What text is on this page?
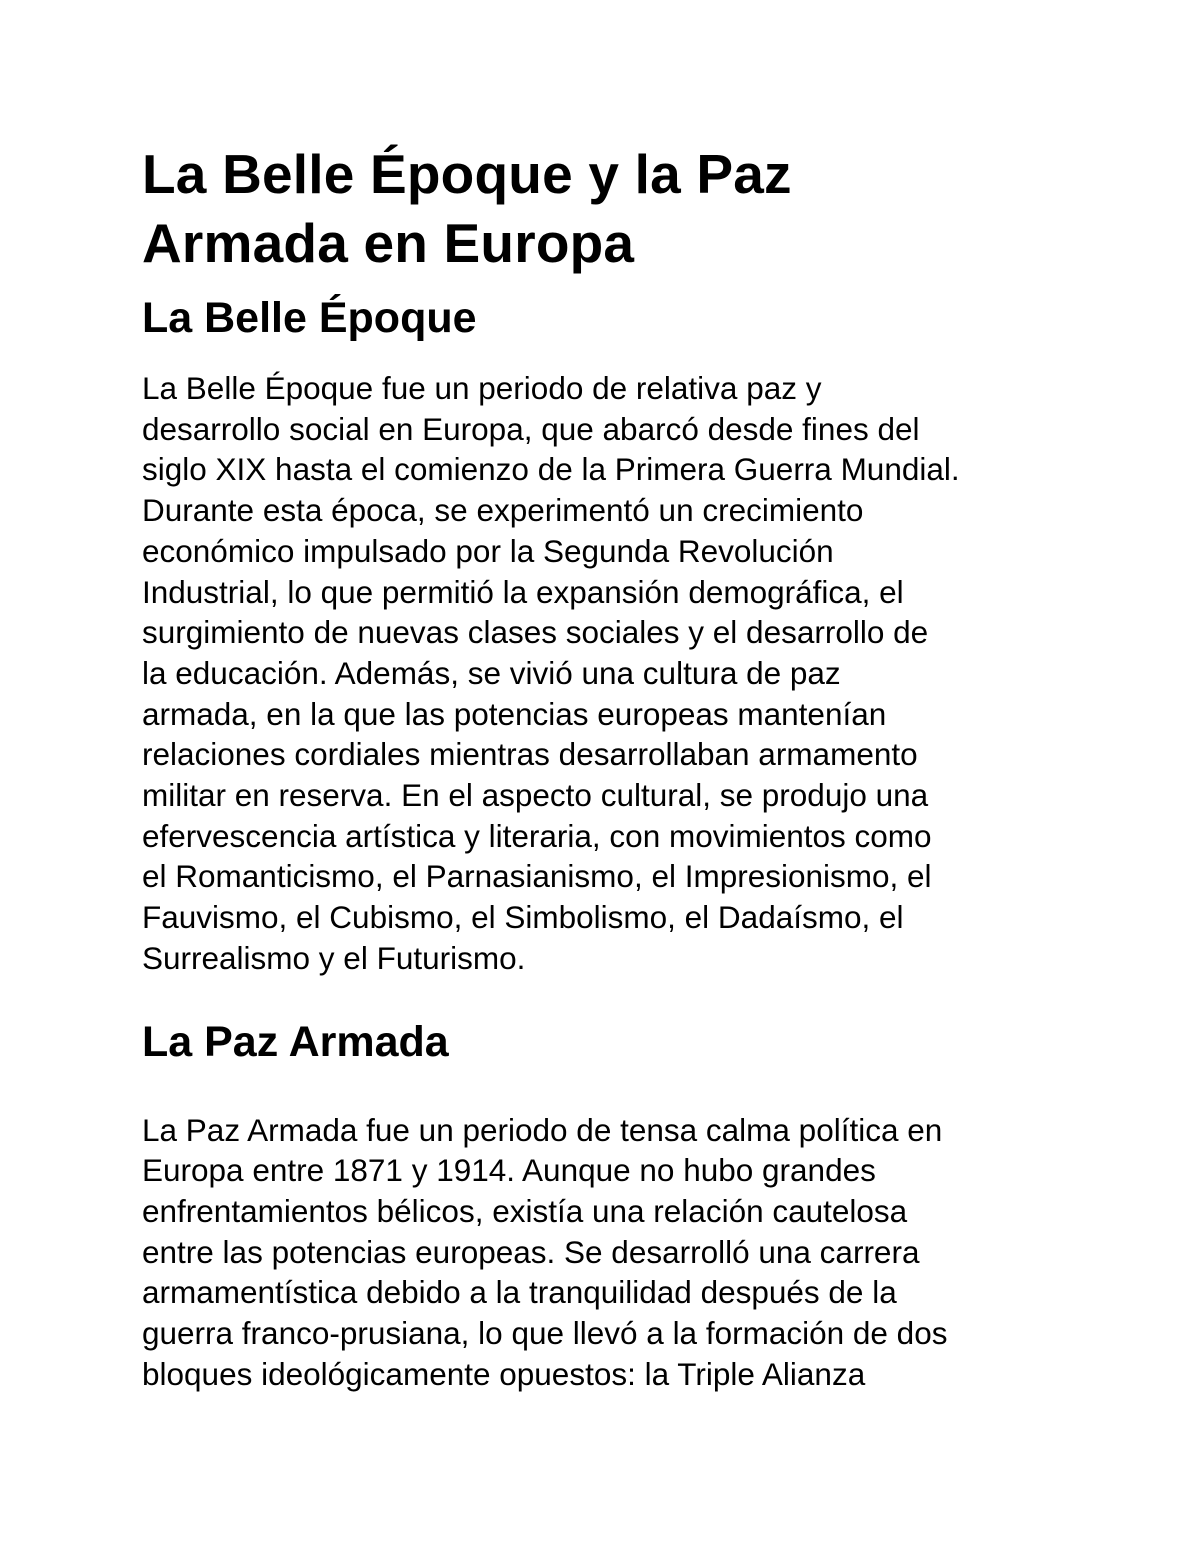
La Belle Époque y la Paz
Armada en Europa
La Belle Époque

La Belle Époque fue un periodo de relativa paz y
desarrollo social en Europa, que abarcó desde fines del
siglo XIX hasta el comienzo de la Primera Guerra Mundial.
Durante esta época, se experimentó un crecimiento
económico impulsado por la Segunda Revolución
Industrial, lo que permitió la expansión demográfica, el
surgimiento de nuevas clases sociales y el desarrollo de
la educación. Además, se vivió una cultura de paz
armada, en la que las potencias europeas mantenían
relaciones cordiales mientras desarrollaban armamento
militar en reserva. En el aspecto cultural, se produjo una
efervescencia artística y literaria, con movimientos como
el Romanticismo, el Parnasianismo, el Impresionismo, el
Fauvismo, el Cubismo, el Simbolismo, el Dadaísmo, el
Surrealismo y el Futurismo.

La Paz Armada

La Paz Armada fue un periodo de tensa calma política en
Europa entre 1871 y 1914. Aunque no hubo grandes
enfrentamientos bélicos, existía una relación cautelosa
entre las potencias europeas. Se desarrolló una carrera
armamentística debido a la tranquilidad después de la
guerra franco-prusiana, lo que llevó a la formación de dos
bloques ideológicamente opuestos: la Triple Alianza
